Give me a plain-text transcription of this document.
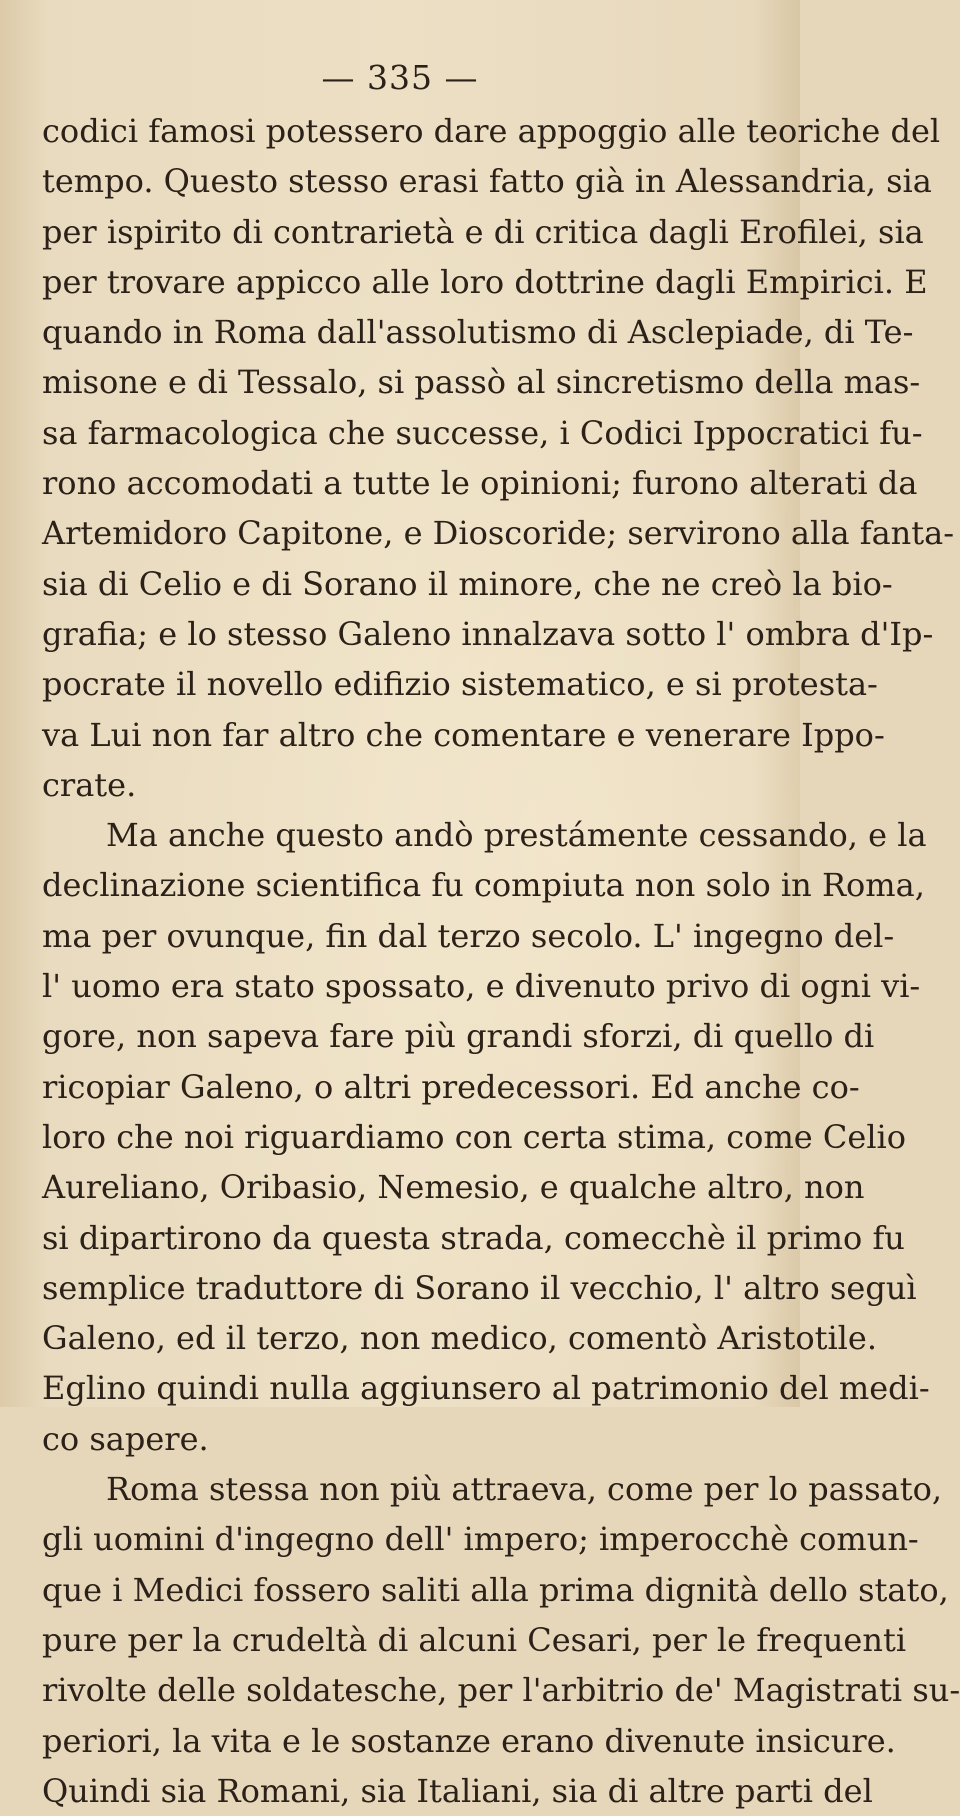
— 335 —
codici famosi potessero dare appoggio alle teoriche del
tempo. Questo stesso erasi fatto già in Alessandria, sia
per ispirito di contrarietà e di critica dagli Erofilei, sia
per trovare appicco alle loro dottrine dagli Empirici. E
quando in Roma dall'assolutismo di Asclepiade, di Te-
misone e di Tessalo, si passò al sincretismo della mas-
sa farmacologica che successe, i Codici Ippocratici fu-
rono accomodati a tutte le opinioni; furono alterati da
Artemidoro Capitone, e Dioscoride; servirono alla fanta-
sia di Celio e di Sorano il minore, che ne creò la bio-
grafia; e lo stesso Galeno innalzava sotto l' ombra d'Ip-
pocrate il novello edifizio sistematico, e si protesta-
va Lui non far altro che comentare e venerare Ippo-
crate.
Ma anche questo andò prestámente cessando, e la
declinazione scientifica fu compiuta non solo in Roma,
ma per ovunque, fin dal terzo secolo. L' ingegno del-
l' uomo era stato spossato, e divenuto privo di ogni vi-
gore, non sapeva fare più grandi sforzi, di quello di
ricopiar Galeno, o altri predecessori. Ed anche co-
loro che noi riguardiamo con certa stima, come Celio
Aureliano, Oribasio, Nemesio, e qualche altro, non
si dipartirono da questa strada, comecchè il primo fu
semplice traduttore di Sorano il vecchio, l' altro seguì
Galeno, ed il terzo, non medico, comentò Aristotile.
Eglino quindi nulla aggiunsero al patrimonio del medi-
co sapere.
Roma stessa non più attraeva, come per lo passato,
gli uomini d'ingegno dell' impero; imperocchè comun-
que i Medici fossero saliti alla prima dignità dello stato,
pure per la crudeltà di alcuni Cesari, per le frequenti
rivolte delle soldatesche, per l'arbitrio de' Magistrati su-
periori, la vita e le sostanze erano divenute insicure.
Quindi sia Romani, sia Italiani, sia di altre parti del
